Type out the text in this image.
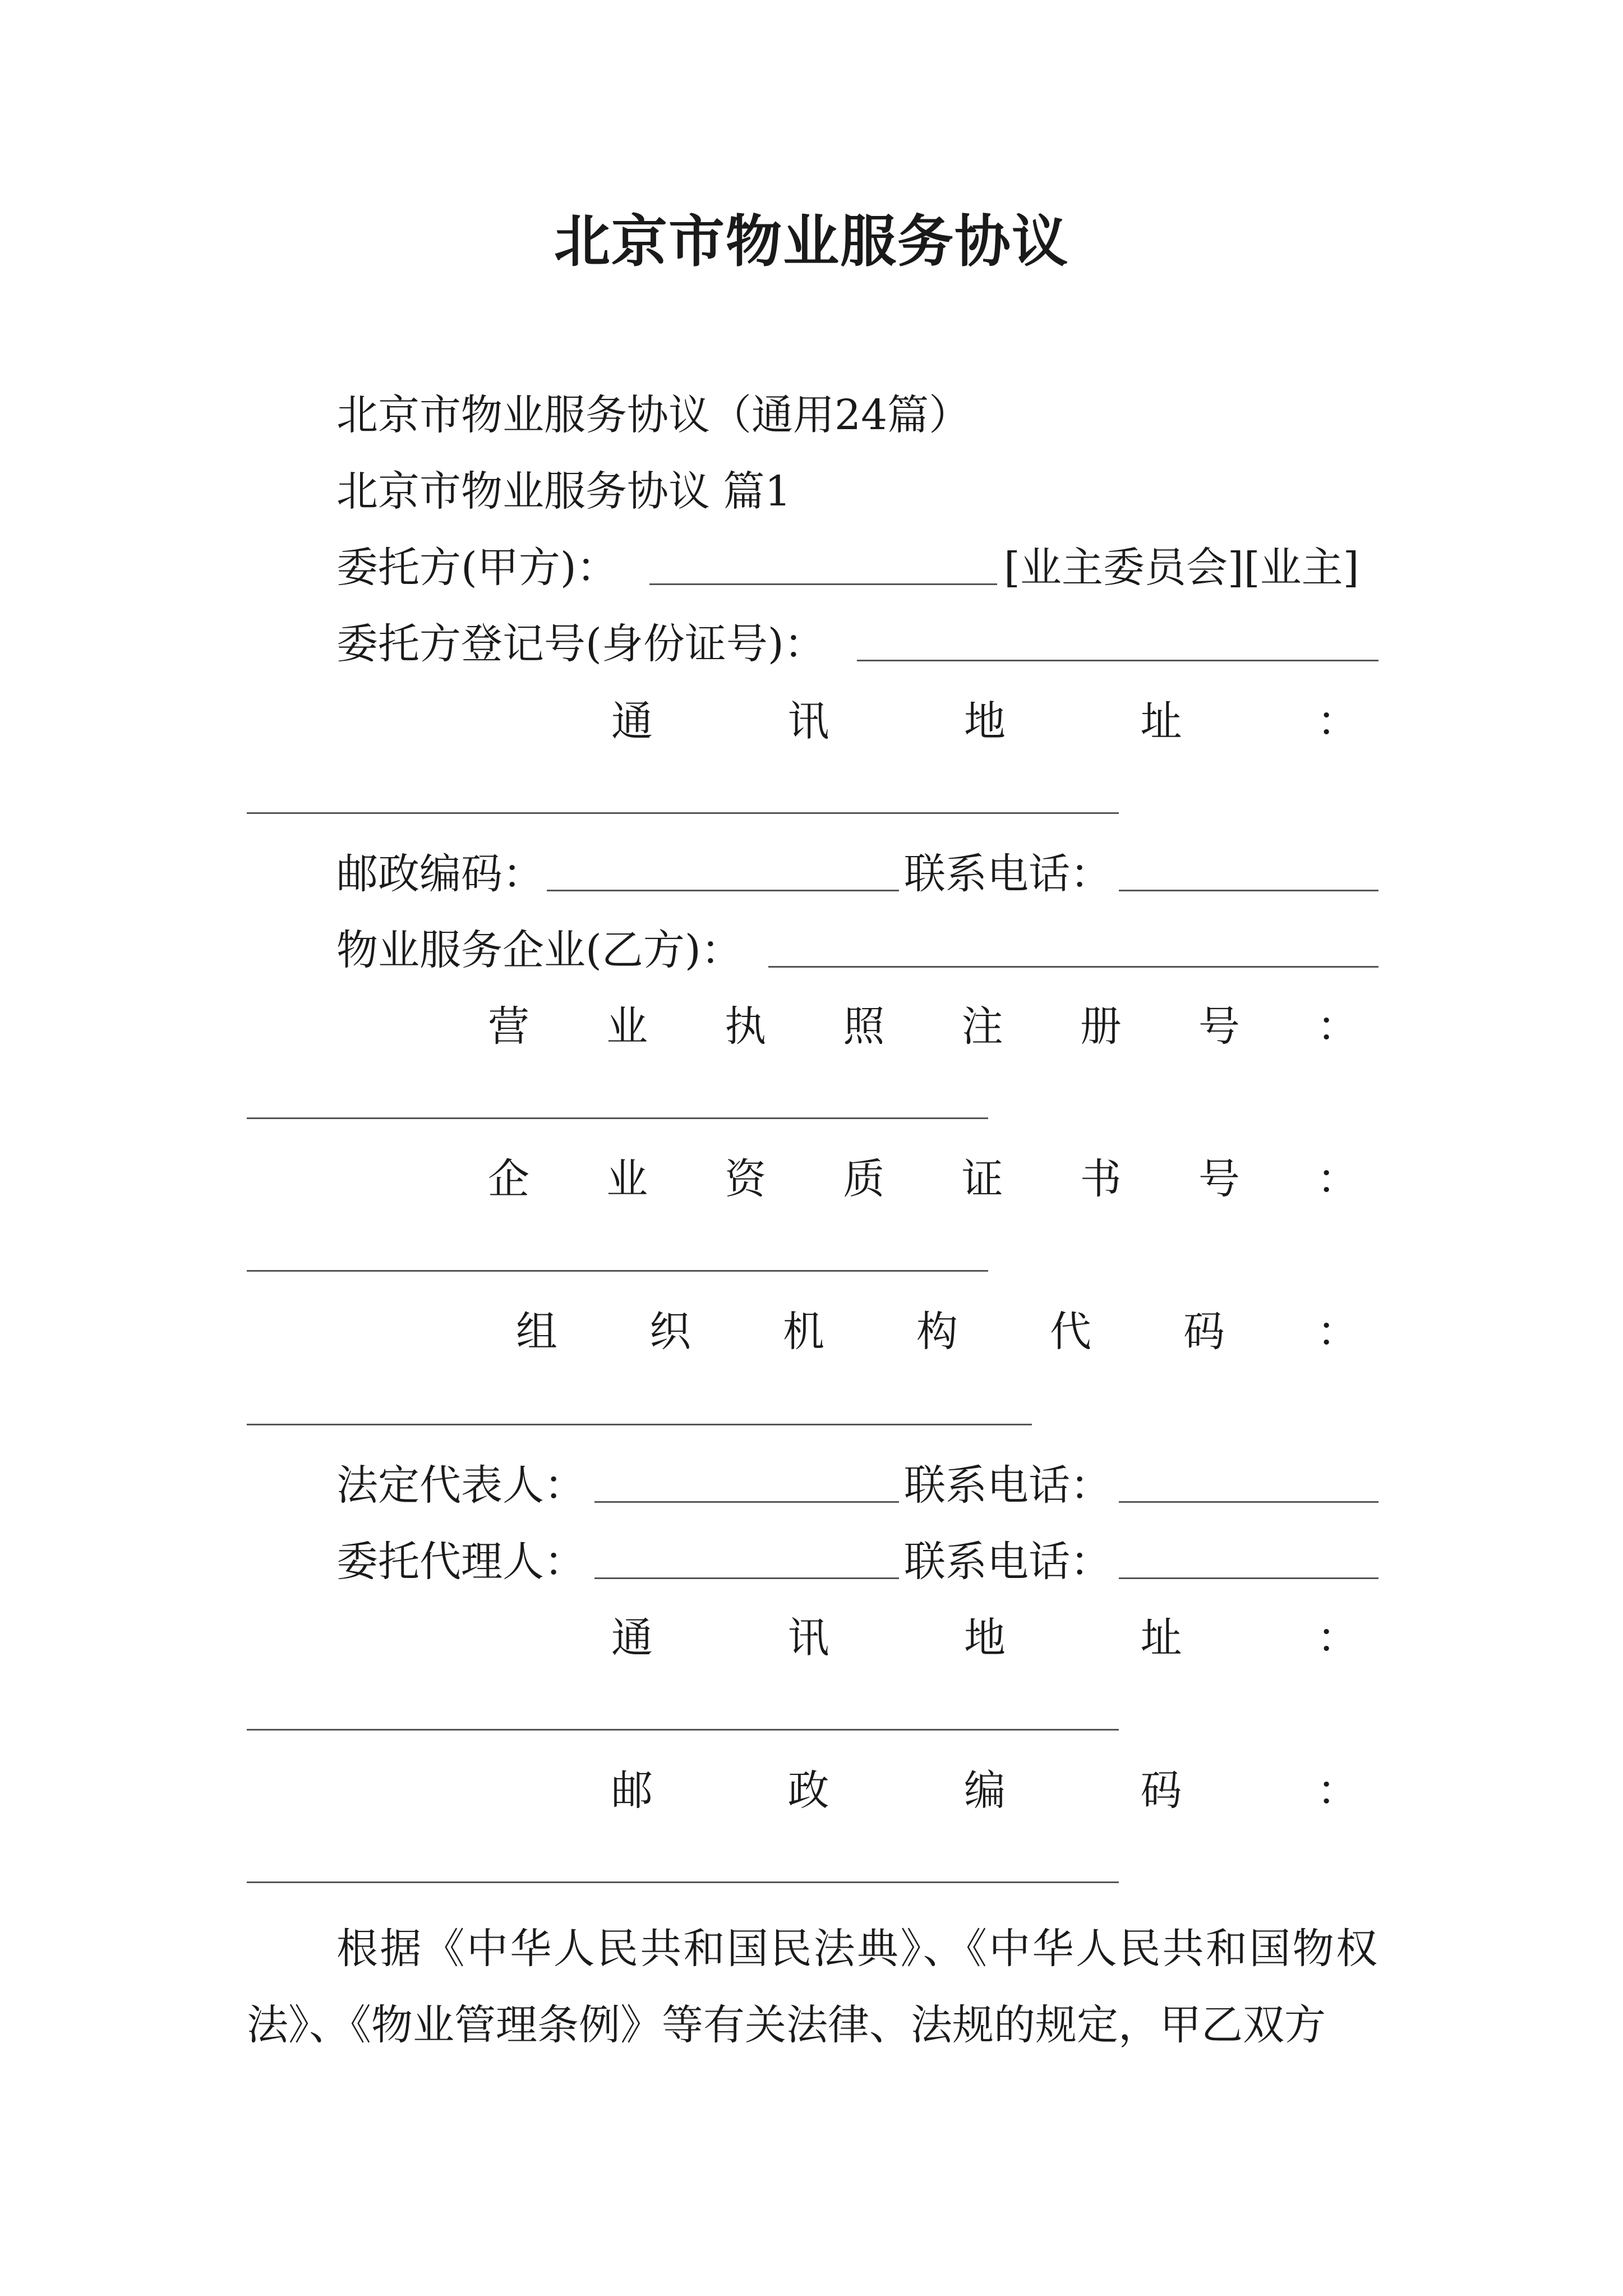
北京市物业服务协议
北京市物业服务协议（通用24篇）
北京市物业服务协议 篇1
委托方(甲方)：	[业主委员会][业主]
委托方登记号(身份证号)：
通	讯	地	址	：
邮政编码：	联系电话：
物业服务企业(乙方)：
营 业 执 照 注 册 号 ：
企 业 资 质 证 书 号 ：
组 织 机 构 代 码 ：
法定代表人：	联系电话：
委托代理人：	联系电话：
通	讯	地	址	：
邮	政	编	码	：
根据《中华人民共和国民法典》、《中华人民共和国物权法》、《物业管理条例》等有关法律、法规的规定，甲乙双方
